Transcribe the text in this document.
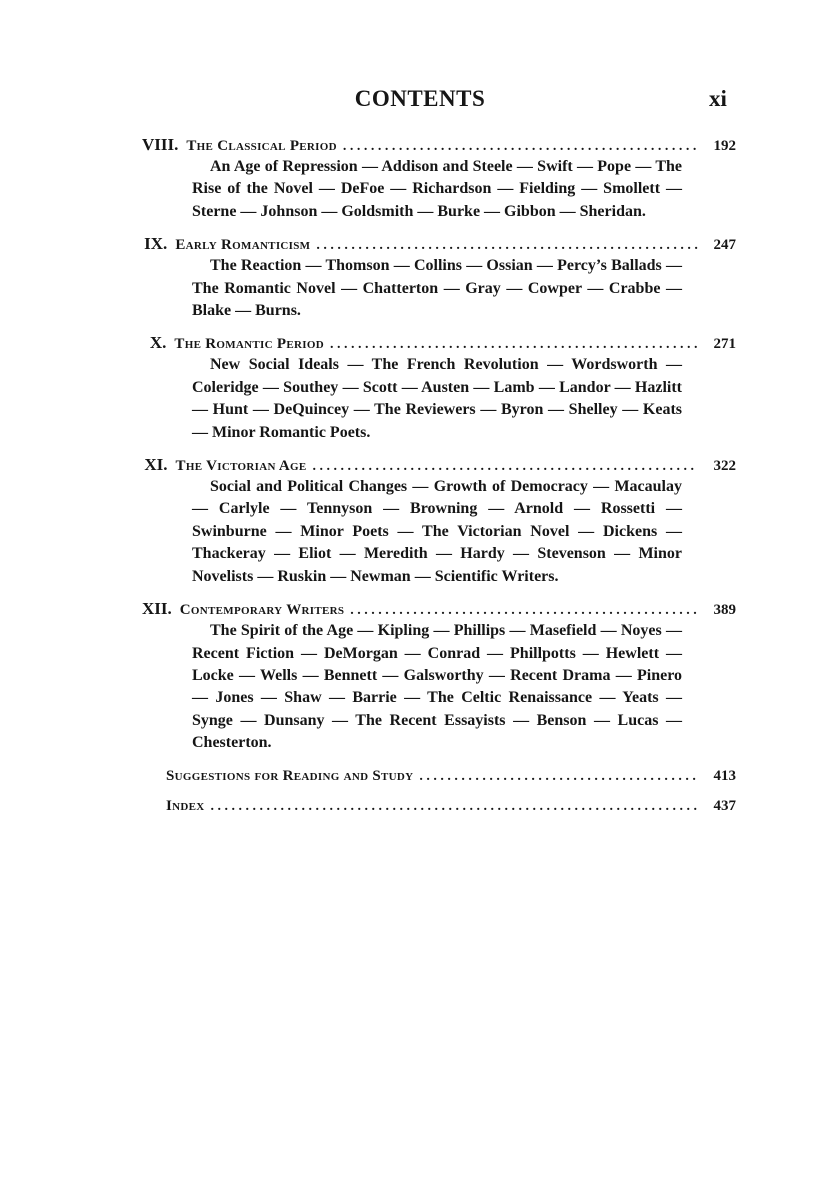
CONTENTS	xi
VIII. The Classical Period . . .	192
An Age of Repression — Addison and Steele — Swift — Pope — The Rise of the Novel — DeFoe — Richardson — Fielding — Smollett — Sterne — Johnson — Goldsmith — Burke — Gibbon — Sheridan.
IX. Early Romanticism . . .	247
The Reaction — Thomson — Collins — Ossian — Percy’s Ballads — The Romantic Novel — Chatterton — Gray — Cowper — Crabbe — Blake — Burns.
X. The Romantic Period . . .	271
New Social Ideals — The French Revolution — Wordsworth — Coleridge — Southey — Scott — Austen — Lamb — Landor — Hazlitt — Hunt — DeQuincey — The Reviewers — Byron — Shelley — Keats — Minor Romantic Poets.
XI. The Victorian Age . . .	322
Social and Political Changes — Growth of Democracy — Macaulay — Carlyle — Tennyson — Browning — Arnold — Rossetti — Swinburne — Minor Poets — The Victorian Novel — Dickens — Thackeray — Eliot — Meredith — Hardy — Stevenson — Minor Novelists — Ruskin — Newman — Scientific Writers.
XII. Contemporary Writers . . .	389
The Spirit of the Age — Kipling — Phillips — Masefield — Noyes — Recent Fiction — DeMorgan — Conrad — Phillpotts — Hewlett — Locke — Wells — Bennett — Galsworthy — Recent Drama — Pinero — Jones — Shaw — Barrie — The Celtic Renaissance — Yeats — Synge — Dunsany — The Recent Essayists — Benson — Lucas — Chesterton.
Suggestions for Reading and Study . . .	413
Index . . .	437
